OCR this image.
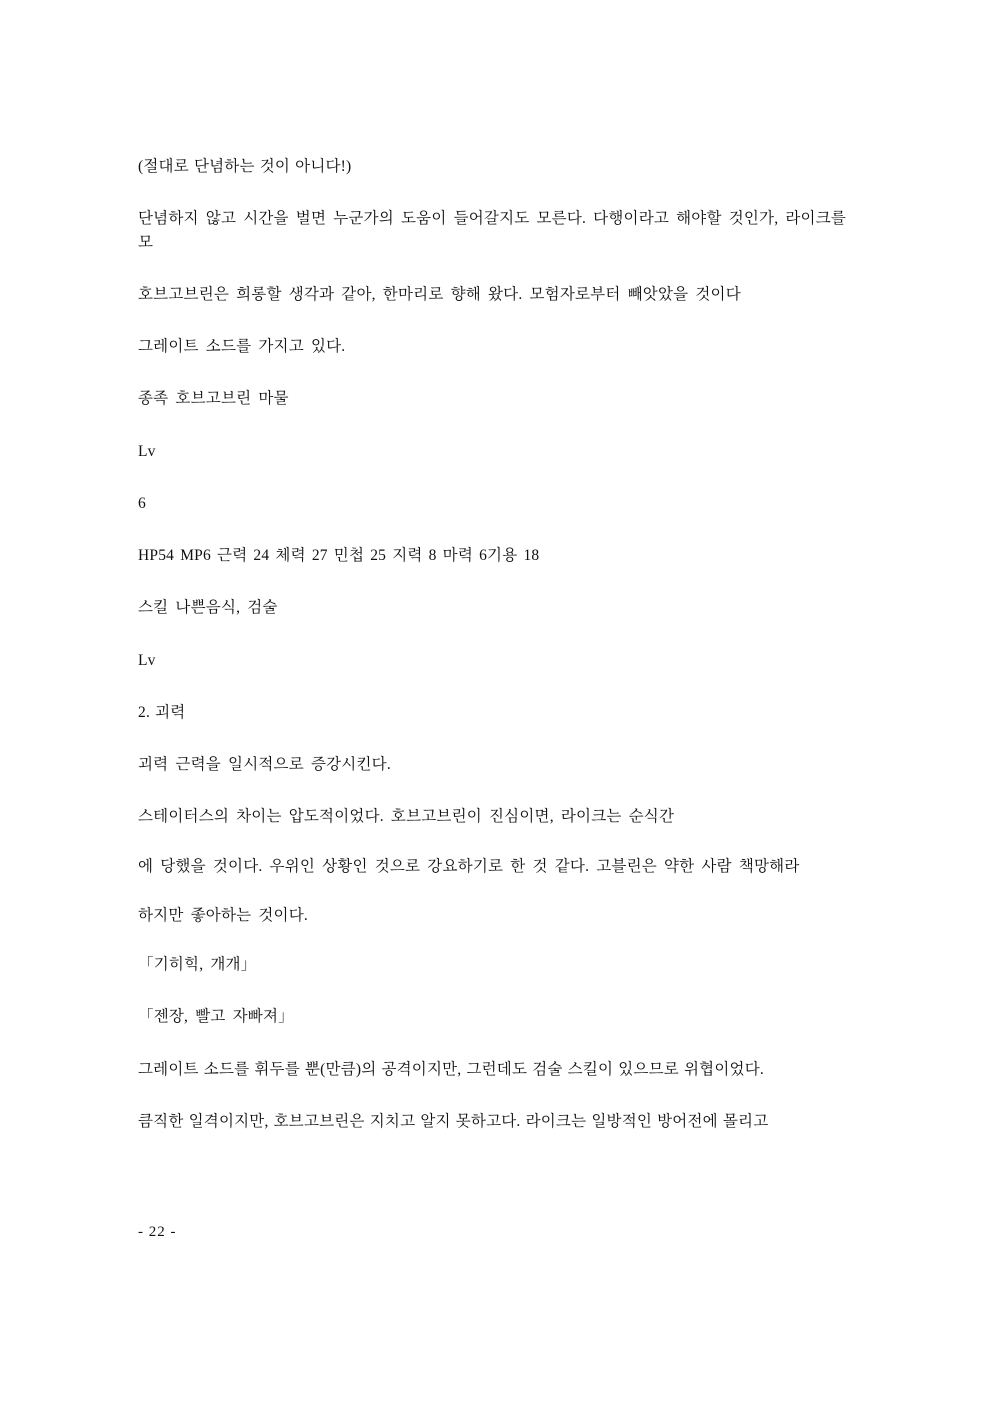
(절대로 단념하는 것이 아니다!)

단념하지 않고 시간을 벌면 누군가의 도움이 들어갈지도 모른다. 다행이라고 해야할 것인가, 라이크를 모

호브고브린은 희롱할 생각과 같아, 한마리로 향해 왔다. 모험자로부터 빼앗았을 것이다

그레이트 소드를 가지고 있다.

종족 호브고브린 마물

Lv

6

HP54 MP6 근력 24 체력 27 민첩 25 지력 8 마력 6기용 18

스킬 나쁜음식, 검술

Lv

2. 괴력

괴력 근력을 일시적으로 증강시킨다.

스테이터스의 차이는 압도적이었다. 호브고브린이 진심이면, 라이크는 순식간

에 당했을 것이다. 우위인 상황인 것으로 강요하기로 한 것 같다. 고블린은 약한 사람 책망해라

하지만 좋아하는 것이다.

「기히힉, 개개」

「젠장, 빨고 자빠져」

그레이트 소드를 휘두를 뿐(만큼)의 공격이지만, 그런데도 검술 스킬이 있으므로 위협이었다.

큼직한 일격이지만, 호브고브린은 지치고 알지 못하고다. 라이크는 일방적인 방어전에 몰리고

- 22 -
